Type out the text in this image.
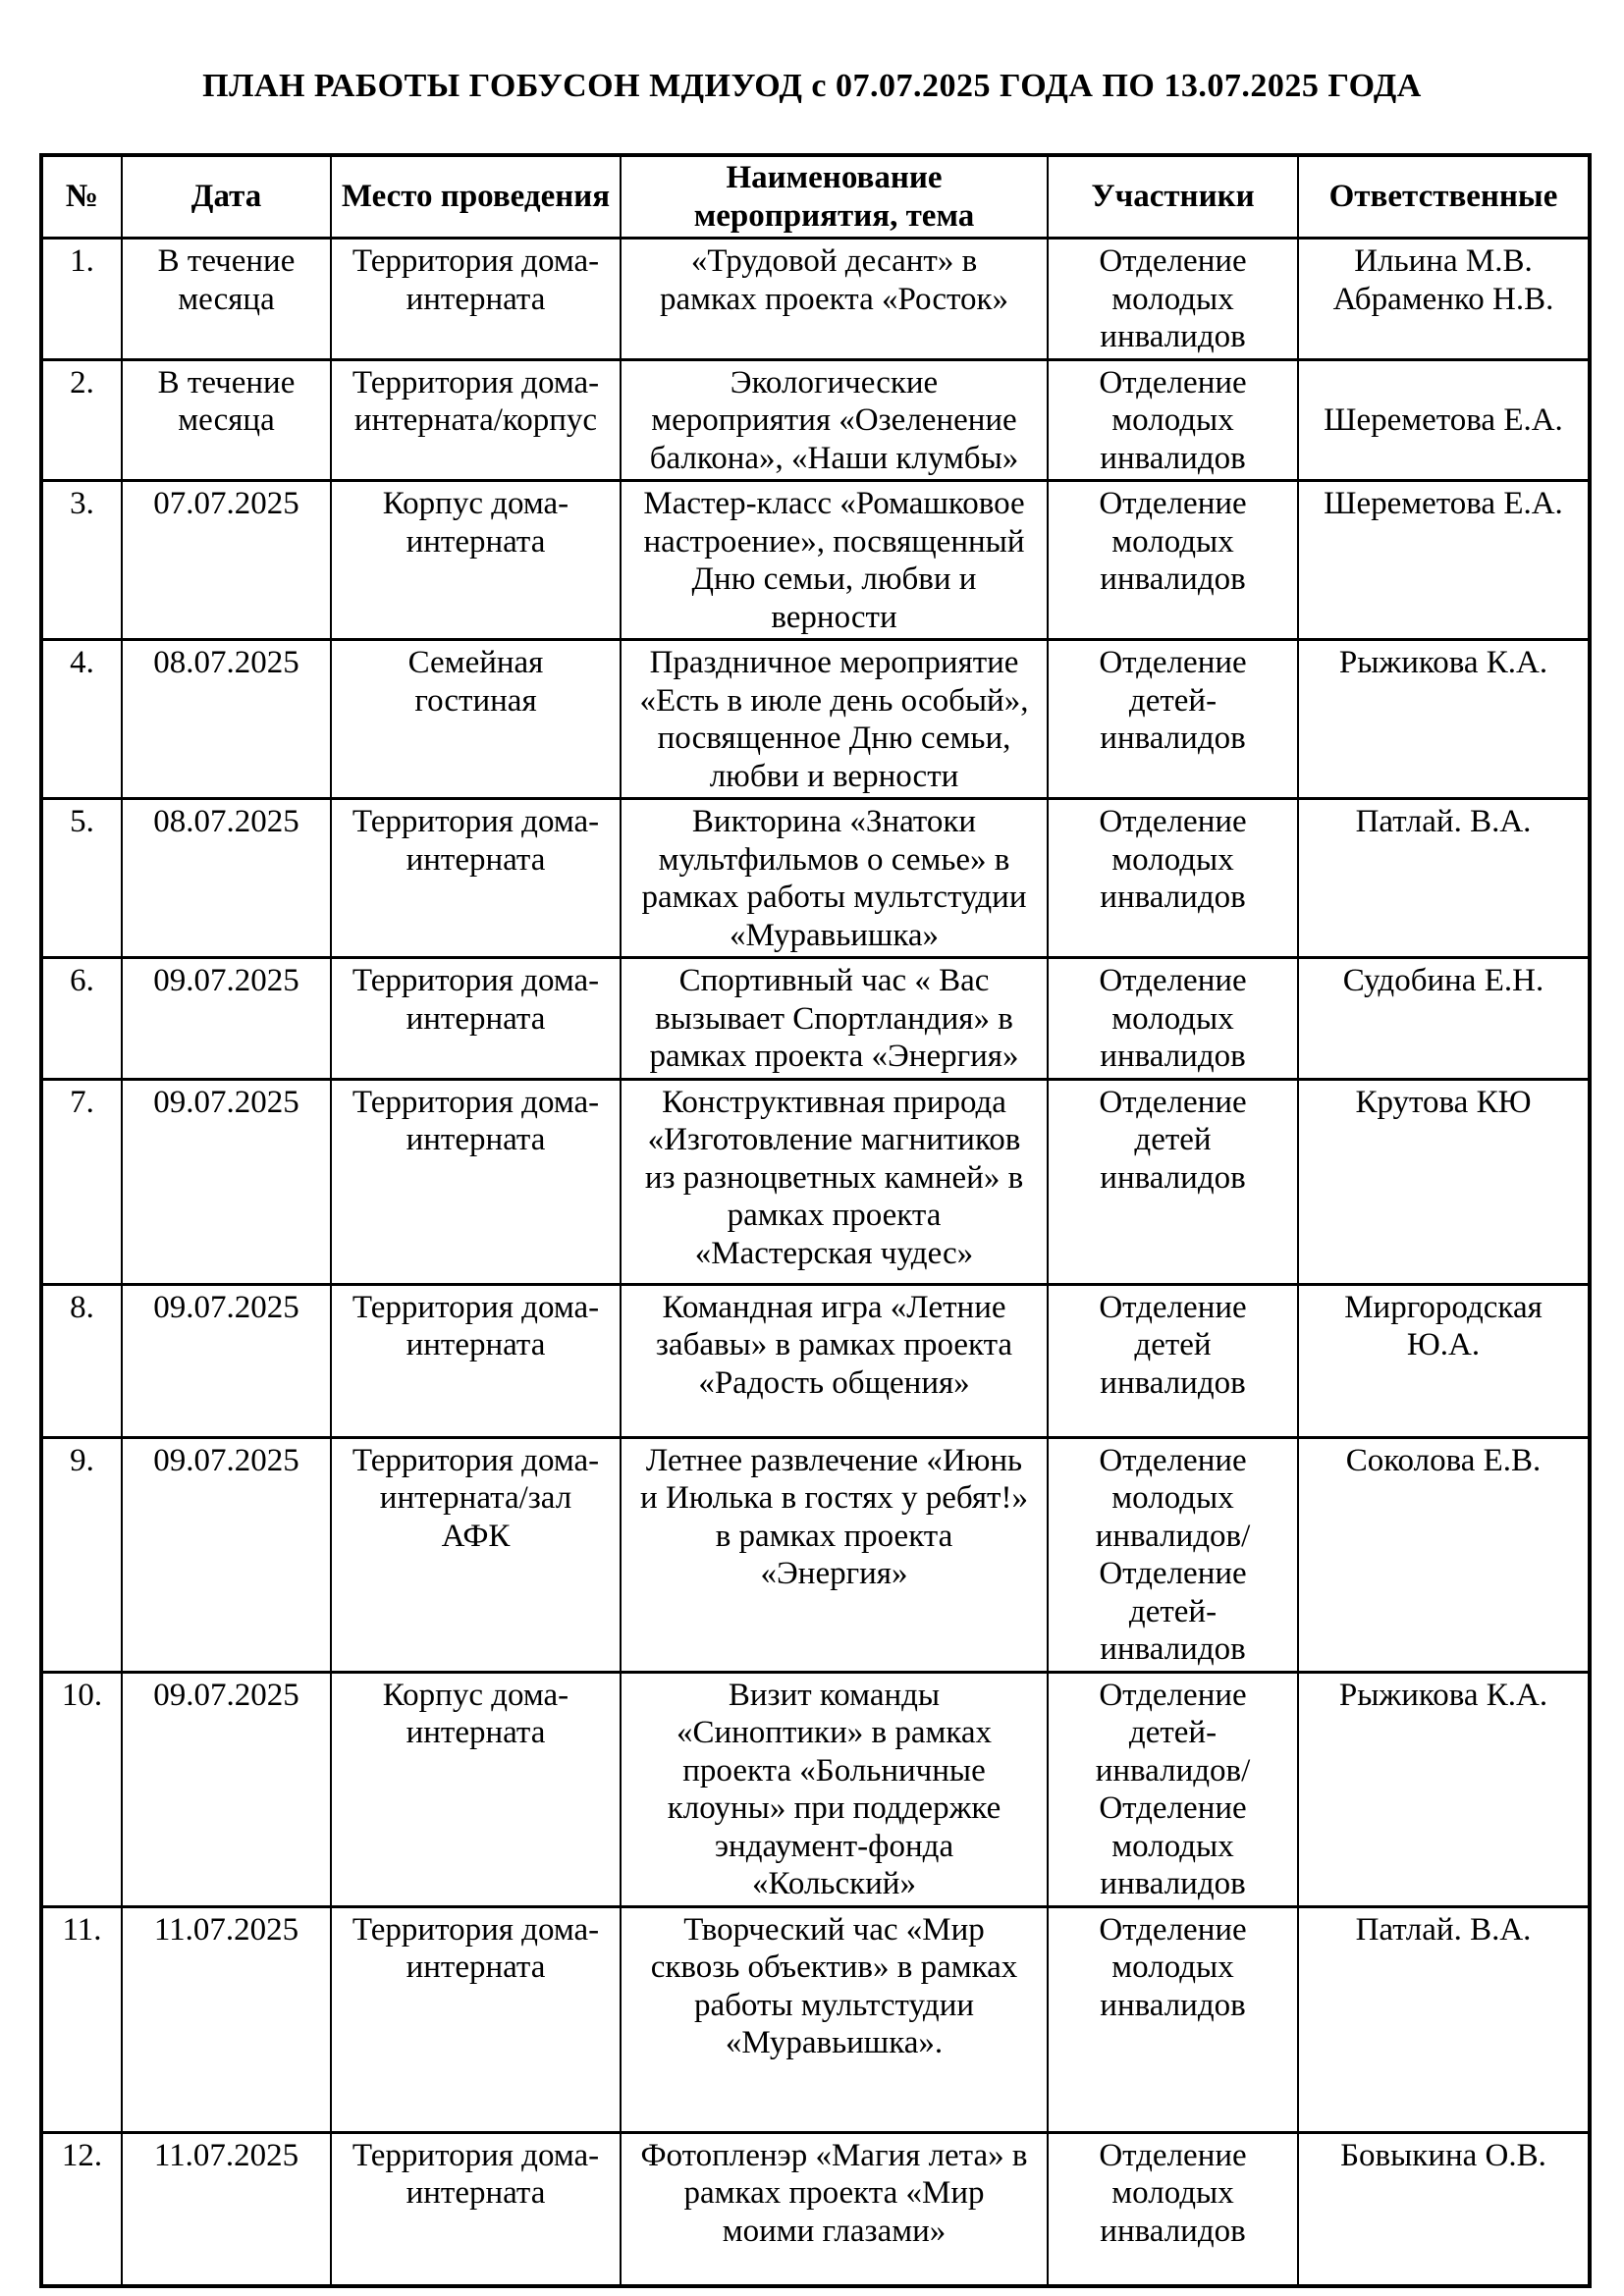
ПЛАН РАБОТЫ ГОБУСОН МДИУОД с 07.07.2025 ГОДА ПО 13.07.2025 ГОДА
№	Дата	Место проведения	Наименование мероприятия, тема	Участники	Ответственные
1.	В течение месяца	Территория дома-интерната	«Трудовой десант» в рамках проекта «Росток»	Отделение молодых инвалидов	Ильина М.В. Абраменко Н.В.
2.	В течение месяца	Территория дома-интерната/корпус	Экологические мероприятия «Озеленение балкона», «Наши клумбы»	Отделение молодых инвалидов	Шереметова Е.А.
3.	07.07.2025	Корпус дома-интерната	Мастер-класс «Ромашковое настроение», посвященный Дню семьи, любви и верности	Отделение молодых инвалидов	Шереметова Е.А.
4.	08.07.2025	Семейная гостиная	Праздничное мероприятие «Есть в июле день особый», посвященное Дню семьи, любви и верности	Отделение детей-инвалидов	Рыжикова К.А.
5.	08.07.2025	Территория дома-интерната	Викторина «Знатоки мультфильмов о семье» в рамках работы мультстудии «Муравьишка»	Отделение молодых инвалидов	Патлай. В.А.
6.	09.07.2025	Территория дома-интерната	Спортивный час « Вас вызывает Спортландия» в рамках проекта «Энергия»	Отделение молодых инвалидов	Судобина Е.Н.
7.	09.07.2025	Территория дома-интерната	Конструктивная природа «Изготовление магнитиков из разноцветных камней» в рамках проекта «Мастерская чудес»	Отделение детей инвалидов	Крутова КЮ
8.	09.07.2025	Территория дома-интерната	Командная игра «Летние забавы» в рамках проекта «Радость общения»	Отделение детей инвалидов	Миргородская Ю.А.
9.	09.07.2025	Территория дома-интерната/зал АФК	Летнее развлечение «Июнь и Июлька в гостях у ребят!» в рамках проекта «Энергия»	Отделение молодых инвалидов/ Отделение детей-инвалидов	Соколова Е.В.
10.	09.07.2025	Корпус дома-интерната	Визит команды «Синоптики» в рамках проекта «Больничные клоуны» при поддержке эндаумент-фонда «Кольский»	Отделение детей-инвалидов/ Отделение молодых инвалидов	Рыжикова К.А.
11.	11.07.2025	Территория дома-интерната	Творческий час «Мир сквозь объектив» в рамках работы мультстудии «Муравьишка».	Отделение молодых инвалидов	Патлай. В.А.
12.	11.07.2025	Территория дома-интерната	Фотопленэр «Магия лета» в рамках проекта «Мир моими глазами»	Отделение молодых инвалидов	Бовыкина О.В.
